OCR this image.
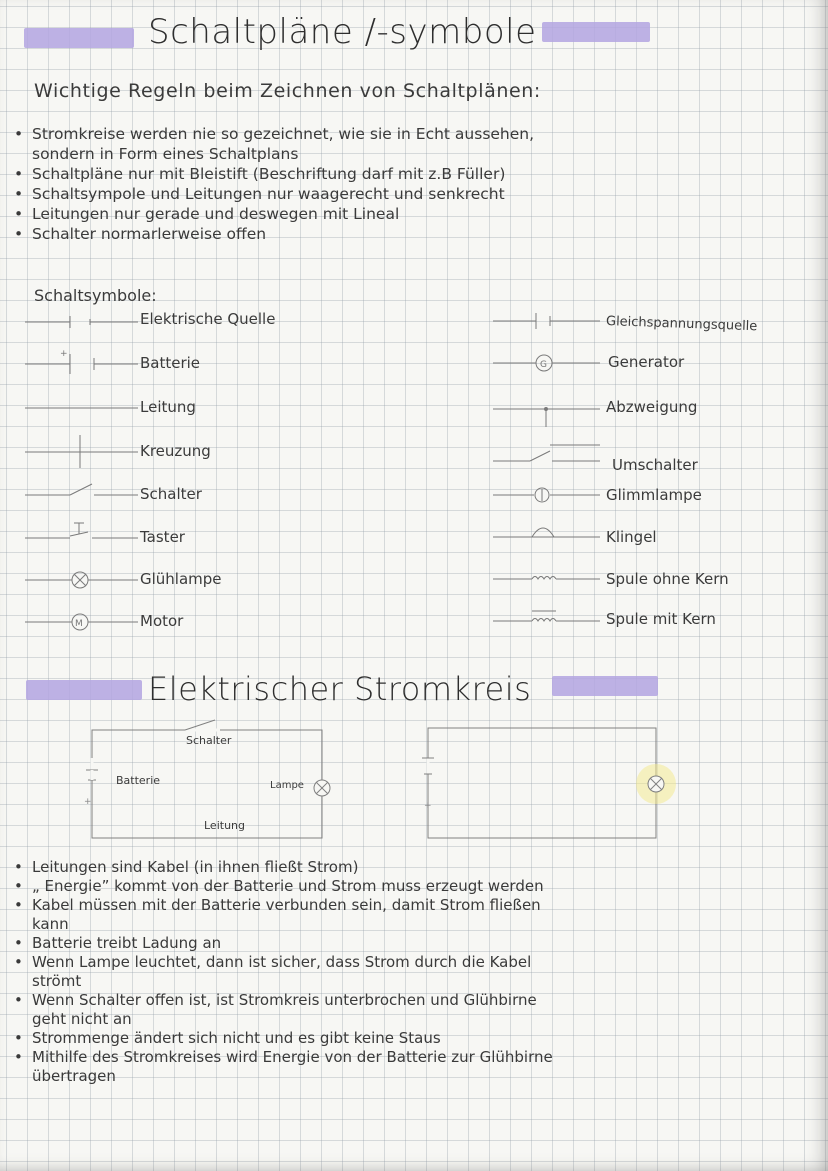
Schaltpläne /-symbole
Wichtige Regeln beim Zeichnen von Schaltplänen:
• Stromkreise werden nie so gezeichnet, wie sie in Echt aussehen,
sondern in Form eines Schaltplans
• Schaltpläne nur mit Bleistift (Beschriftung darf mit z.B Füller)
• Schaltsympole und Leitungen nur waagerecht und senkrecht
• Leitungen nur gerade und deswegen mit Lineal
• Schalter normarlerweise offen
Schaltsymbole:
+
M
Elektrische Quelle
Batterie
Leitung
Kreuzung
Schalter
Taster
Glühlampe
Motor
G
Gleichspannungsquelle
Generator
Abzweigung
Umschalter
Glimmlampe
Klingel
Spule ohne Kern
Spule mit Kern
Elektrischer Stromkreis
+
Schalter
Batterie	Lampe
Leitung
+
• Leitungen sind Kabel (in ihnen fließt Strom)
• „ Energie” kommt von der Batterie und Strom muss erzeugt werden
• Kabel müssen mit der Batterie verbunden sein, damit Strom fließen
kann
• Batterie treibt Ladung an
• Wenn Lampe leuchtet, dann ist sicher, dass Strom durch die Kabel
strömt
• Wenn Schalter offen ist, ist Stromkreis unterbrochen und Glühbirne
geht nicht an
• Strommenge ändert sich nicht und es gibt keine Staus
• Mithilfe des Stromkreises wird Energie von der Batterie zur Glühbirne
übertragen
